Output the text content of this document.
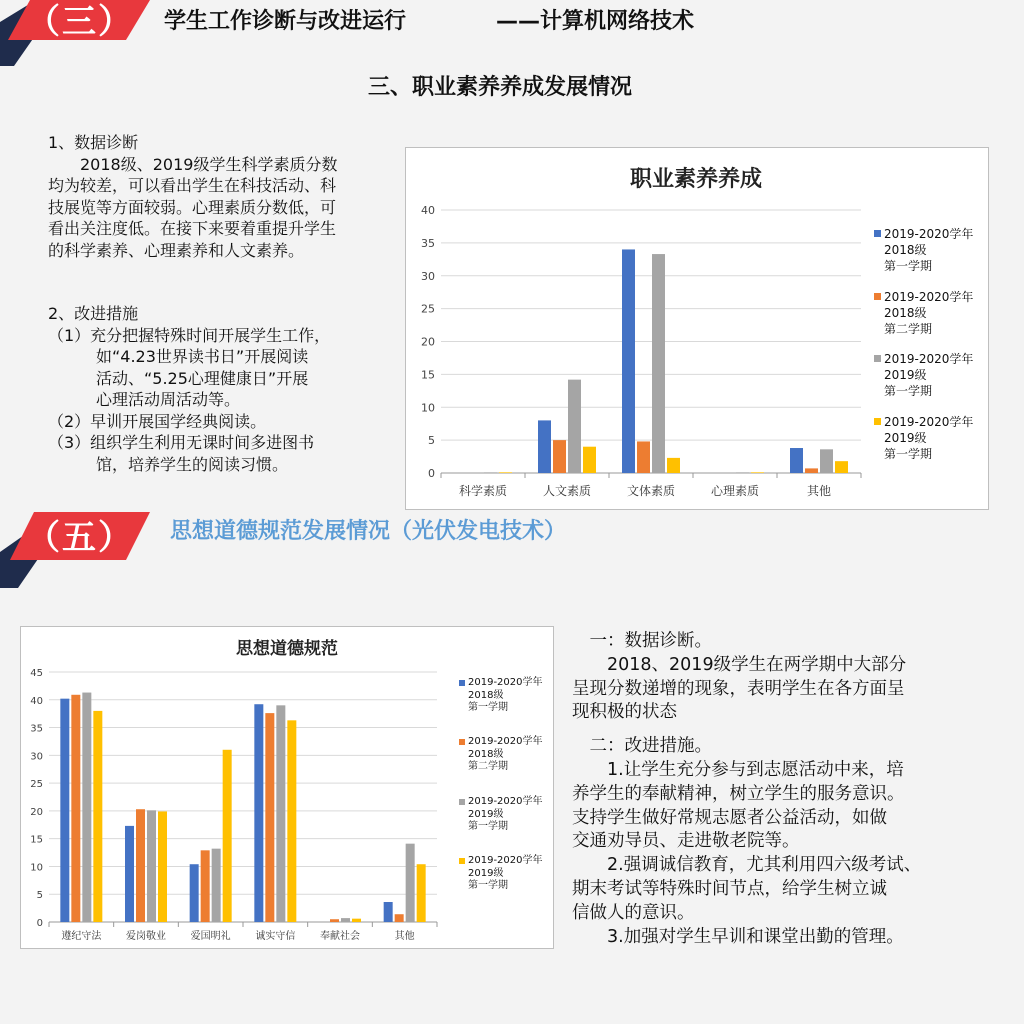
（三） 学生工作诊断与改进运行	——计算机网络技术
三、职业素养养成发展情况

1、数据诊断

　　2018级、2019级学生科学素质分数

均为较差，可以看出学生在科技活动、科

技展览等方面较弱。心理素质分数低，可

看出关注度低。在接下来要着重提升学生

的科学素养、心理素养和人文素养。

2、改进措施

（1）充分把握特殊时间开展学生工作，

　　　如“4.23世界读书日”开展阅读

　　　活动、“5.25心理健康日”开展

　　　心理活动周活动等。

（2）早训开展国学经典阅读。

（3）组织学生利用无课时间多进图书

　　　馆，培养学生的阅读习惯。

职业素养养成
0
5
10
15
20
25
30
35
40
科学素质	人文素质	文体素质	心理素质	其他
2019-2020学年
2018级
第一学期
2019-2020学年
2018级
第二学期
2019-2020学年
2019级
第一学期
2019-2020学年
2019级
第一学期
（五） 思想道德规范发展情况（光伏发电技术）
思想道德规范
0
5
10
15
20
25
30
35
40
45
遵纪守法 爱岗敬业 爱国明礼 诚实守信 奉献社会	其他
2019-2020学年
2018级
第一学期
2019-2020学年
2018级
第二学期
2019-2020学年
2019级
第一学期
2019-2020学年
2019级
第一学期

　一：数据诊断。

　　2018、2019级学生在两学期中大部分

呈现分数递增的现象，表明学生在各方面呈

现积极的状态

　二：改进措施。

　　1.让学生充分参与到志愿活动中来，培

养学生的奉献精神，树立学生的服务意识。

支持学生做好常规志愿者公益活动，如做

交通劝导员、走进敬老院等。

　　2.强调诚信教育，尤其利用四六级考试、

期末考试等特殊时间节点，给学生树立诚

信做人的意识。

　　3.加强对学生早训和课堂出勤的管理。
